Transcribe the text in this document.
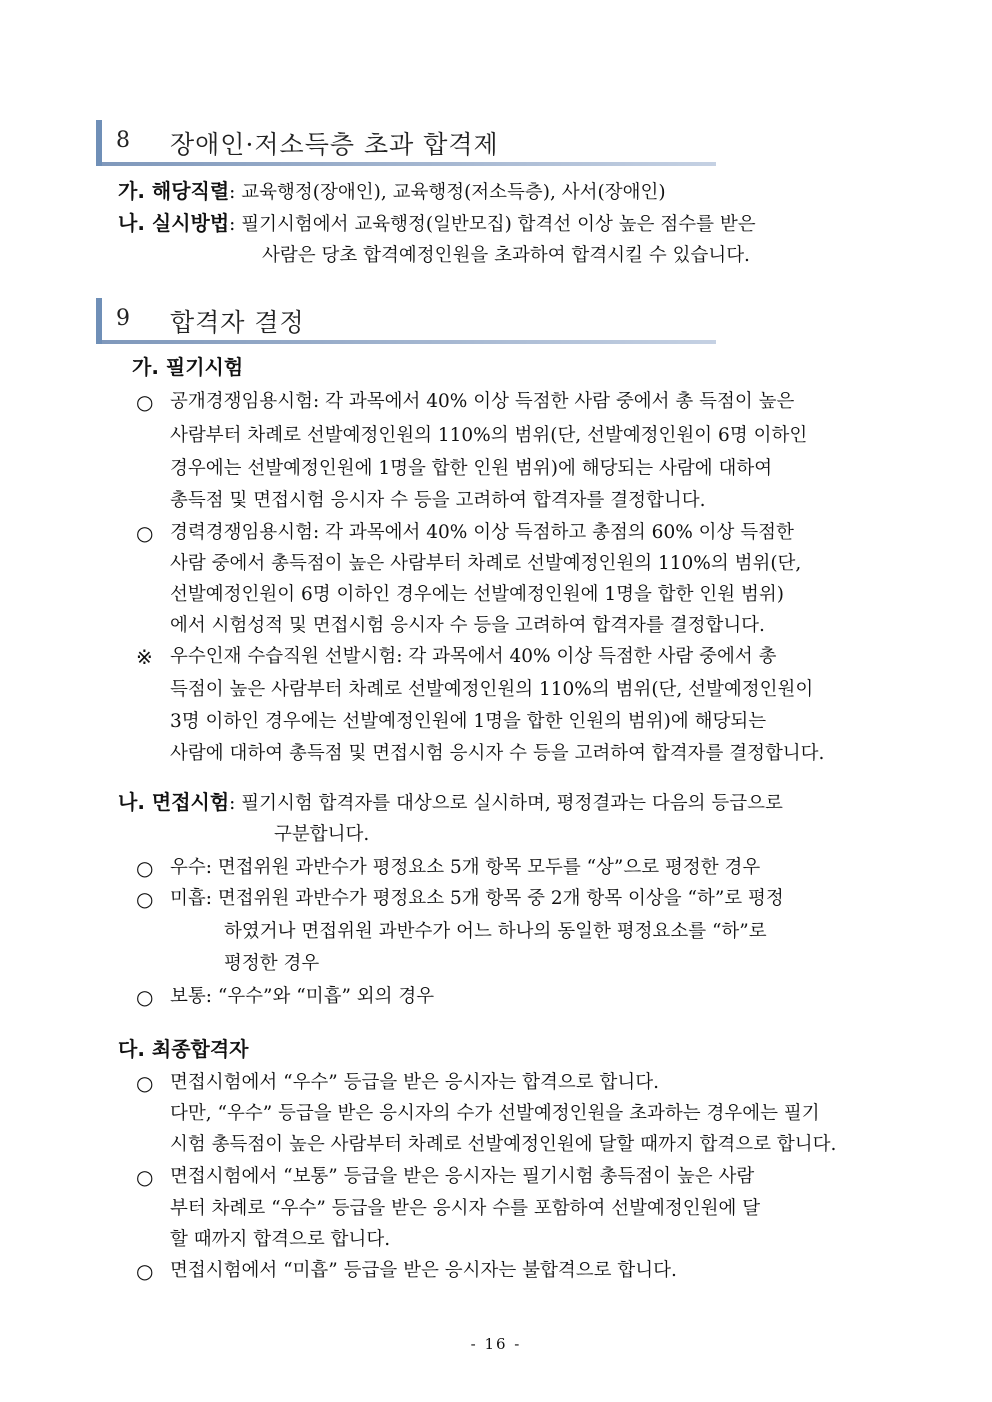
8 장애인·저소득층 초과 합격제
가. 해당직렬: 교육행정(장애인), 교육행정(저소득층), 사서(장애인)
나. 실시방법: 필기시험에서 교육행정(일반모집) 합격선 이상 높은 점수를 받은
사람은 당초 합격예정인원을 초과하여 합격시킬 수 있습니다.
9 합격자 결정
가. 필기시험
○ 공개경쟁임용시험: 각 과목에서 40% 이상 득점한 사람 중에서 총 득점이 높은
사람부터 차례로 선발예정인원의 110%의 범위(단, 선발예정인원이 6명 이하인
경우에는 선발예정인원에 1명을 합한 인원 범위)에 해당되는 사람에 대하여
총득점 및 면접시험 응시자 수 등을 고려하여 합격자를 결정합니다.
○ 경력경쟁임용시험: 각 과목에서 40% 이상 득점하고 총점의 60% 이상 득점한
사람 중에서 총득점이 높은 사람부터 차례로 선발예정인원의 110%의 범위(단,
선발예정인원이 6명 이하인 경우에는 선발예정인원에 1명을 합한 인원 범위)
에서 시험성적 및 면접시험 응시자 수 등을 고려하여 합격자를 결정합니다.
※ 우수인재 수습직원 선발시험: 각 과목에서 40% 이상 득점한 사람 중에서 총
득점이 높은 사람부터 차례로 선발예정인원의 110%의 범위(단, 선발예정인원이
3명 이하인 경우에는 선발예정인원에 1명을 합한 인원의 범위)에 해당되는
사람에 대하여 총득점 및 면접시험 응시자 수 등을 고려하여 합격자를 결정합니다.
나. 면접시험: 필기시험 합격자를 대상으로 실시하며, 평정결과는 다음의 등급으로
구분합니다.
○ 우수: 면접위원 과반수가 평정요소 5개 항목 모두를 “상”으로 평정한 경우
○ 미흡: 면접위원 과반수가 평정요소 5개 항목 중 2개 항목 이상을 “하”로 평정
하였거나 면접위원 과반수가 어느 하나의 동일한 평정요소를 “하”로
평정한 경우
○ 보통: “우수”와 “미흡” 외의 경우
다. 최종합격자
○ 면접시험에서 “우수” 등급을 받은 응시자는 합격으로 합니다.
다만, “우수” 등급을 받은 응시자의 수가 선발예정인원을 초과하는 경우에는 필기
시험 총득점이 높은 사람부터 차례로 선발예정인원에 달할 때까지 합격으로 합니다.
○ 면접시험에서 “보통” 등급을 받은 응시자는 필기시험 총득점이 높은 사람
부터 차례로 “우수” 등급을 받은 응시자 수를 포함하여 선발예정인원에 달
할 때까지 합격으로 합니다.
○ 면접시험에서 “미흡” 등급을 받은 응시자는 불합격으로 합니다.
- 16 -
